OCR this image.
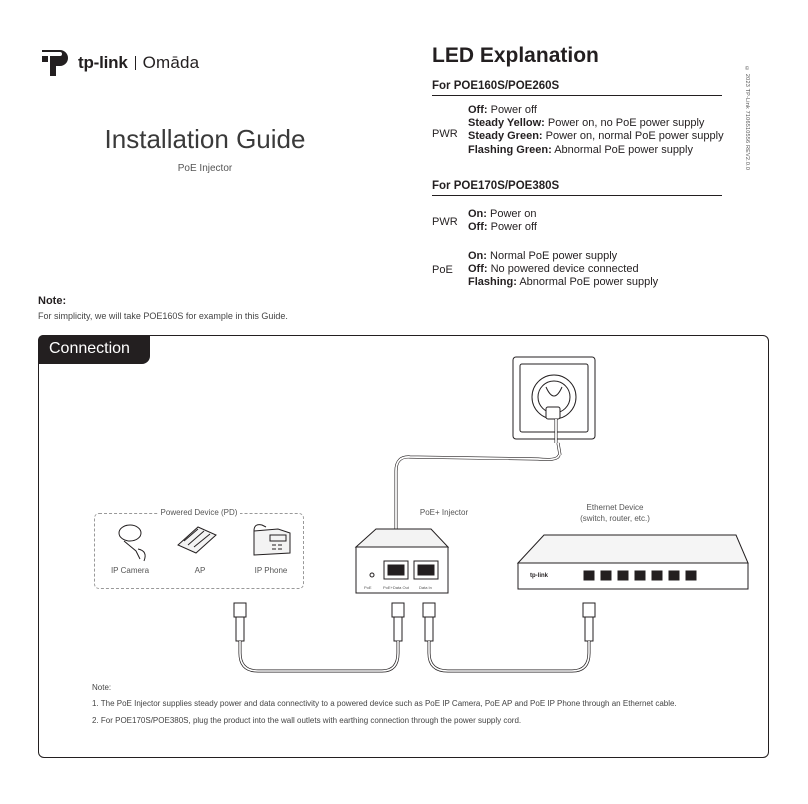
tp-link Omāda
Installation Guide
PoE Injector
LED Explanation
For POE160S/POE260S
PWR
Off: Power off
Steady Yellow: Power on, no PoE power supply
Steady Green: Power on, normal PoE power supply
Flashing Green: Abnormal PoE power supply
For POE170S/POE380S
PWR
On: Power on
Off: Power off
PoE
On: Normal PoE power supply
Off: No powered device connected
Flashing: Abnormal PoE power supply
© 2023 TP-Link 7106510556 REV2.0.0
Note:
For simplicity, we will take POE160S for example in this Guide.
Connection
Powered Device (PD)
IP Camera	AP	IP Phone
PoE+ Injector
PoE	PoE+Data Out	Data In
Ethernet Device
(switch, router, etc.)
tp-link
Note:
1. The PoE Injector supplies steady power and data connectivity to a powered device such as PoE IP Camera, PoE AP and PoE IP Phone through an Ethernet cable.
2. For POE170S/POE380S, plug the product into the wall outlets with earthing connection through the power supply cord.
